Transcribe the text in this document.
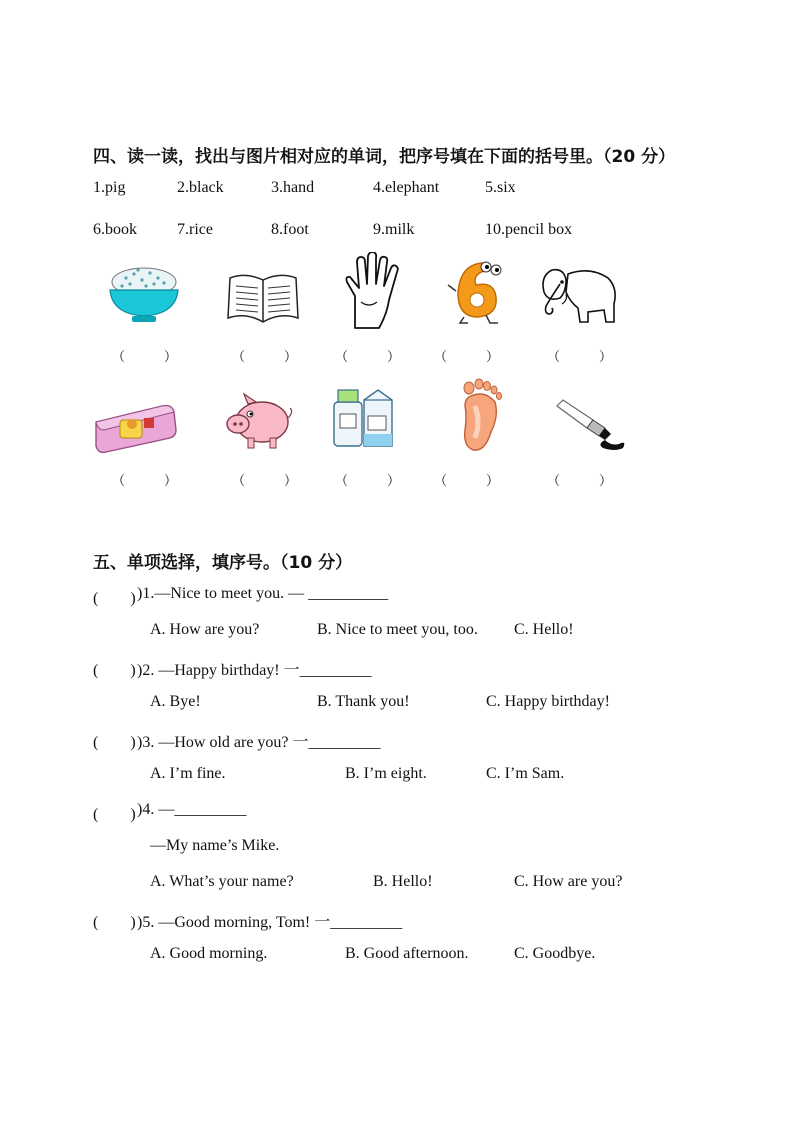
四、读一读，找出与图片相对应的单词，把序号填在下面的括号里。（20 分）
1.pig	2.black	3.hand	4.elephant	5.six
6.book	7.rice	8.foot	9.milk	10.pencil box
（　　　）	（　　　）	（　　　）	（　　　）	（　　　）
（　　　）	（　　　）	（　　　）	（　　　）	（　　　）
五、单项选择，填序号。（10 分）
(　　) )1.—Nice to meet you. — __________
A. How are you?	B. Nice to meet you, too. C. Hello!
(　　) )2. —Happy birthday! 一_________
A. Bye!	B. Thank you!	C. Happy birthday!
(　　) )3. —How old are you? 一_________
A. I’m fine.	B. I’m eight.	C. I’m Sam.
(　　) )4. —_________
—My name’s Mike.
A. What’s your name?	B. Hello!	C. How are you?
(　　) )5. —Good morning, Tom! 一_________
A. Good morning.	B. Good afternoon.	C. Goodbye.
